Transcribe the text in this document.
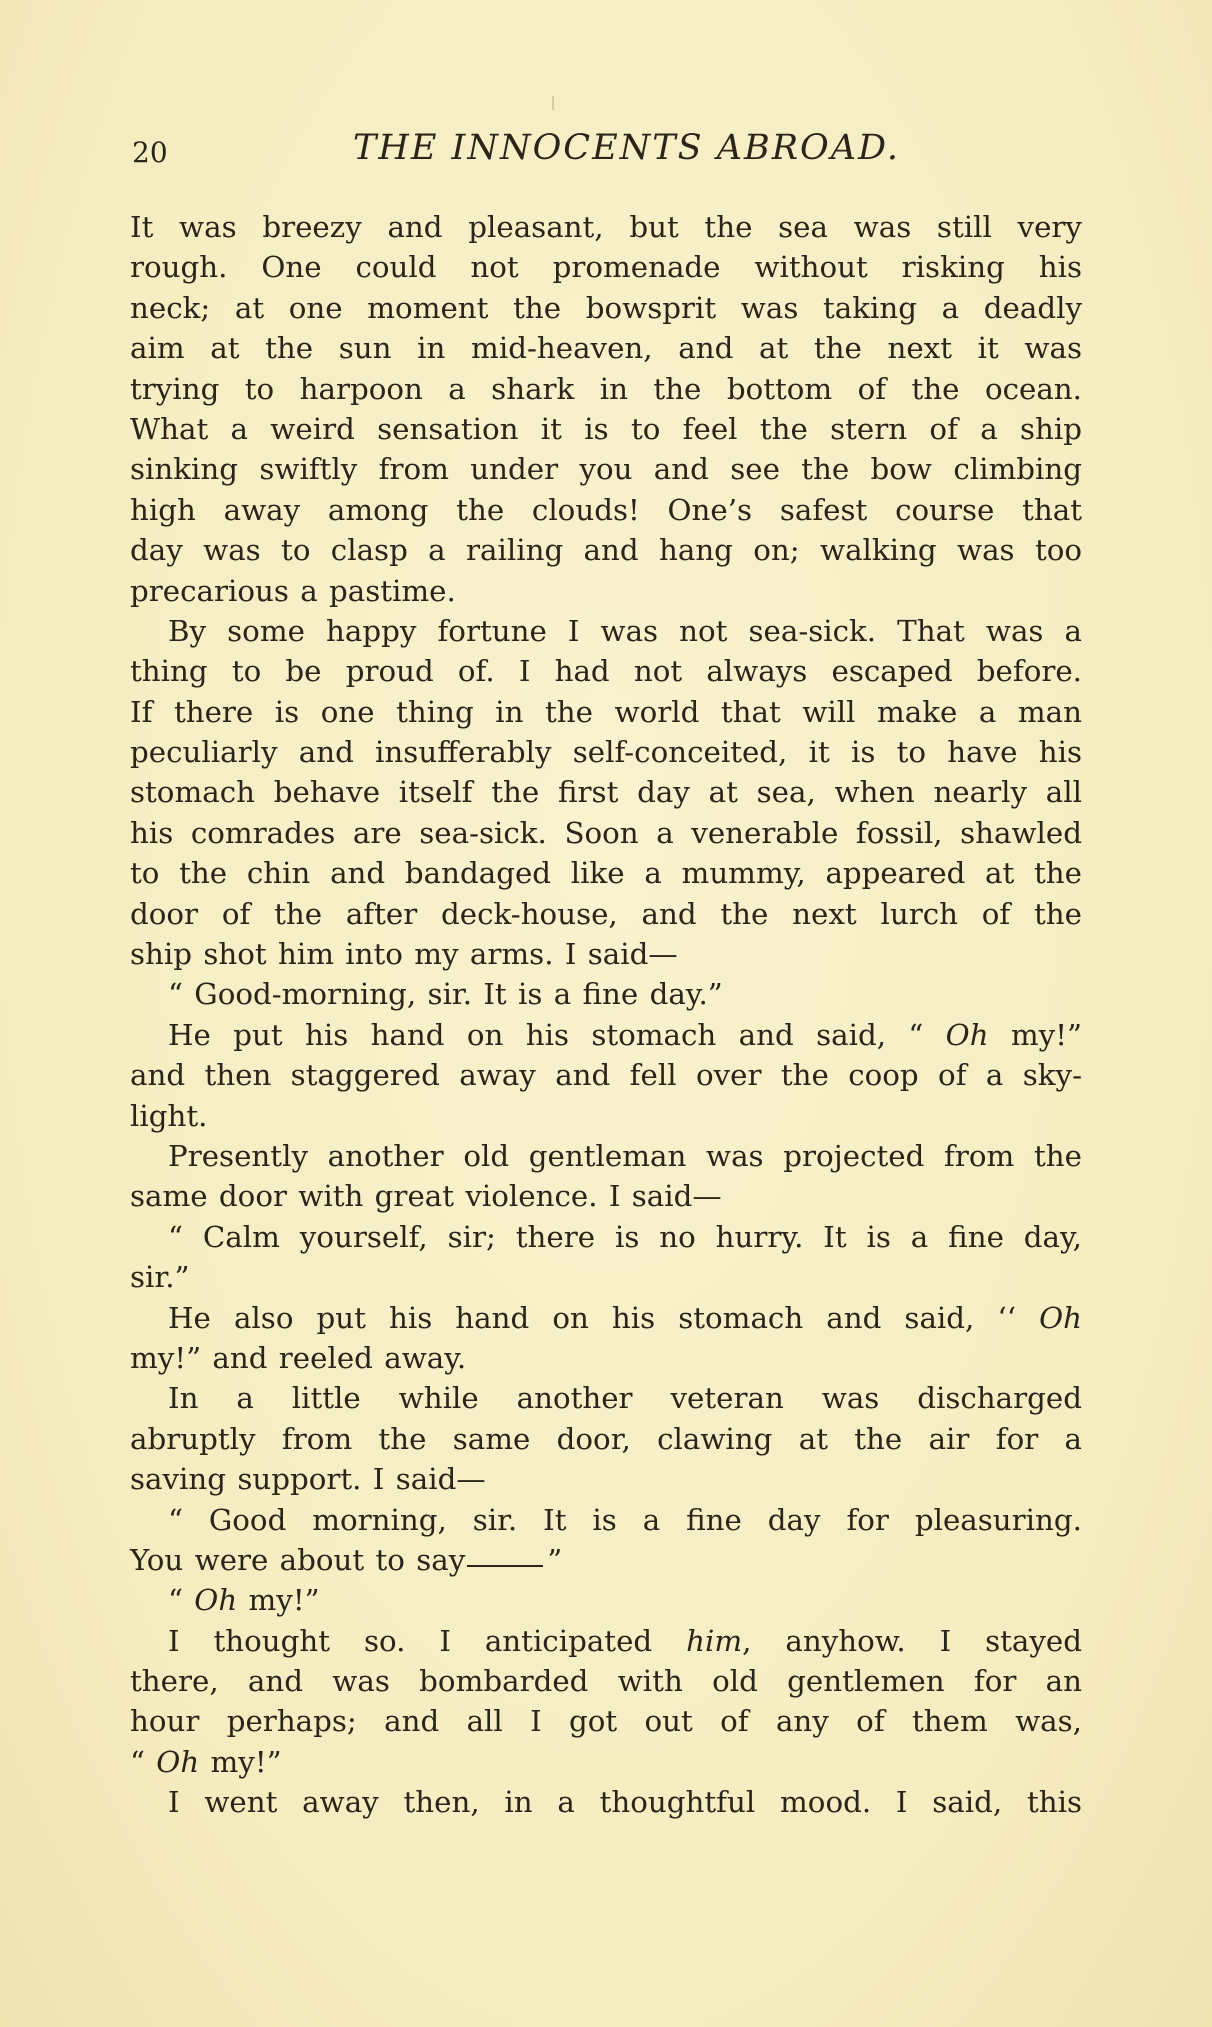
20	THE INNOCENTS ABROAD.
It was breezy and pleasant, but the sea was still very
rough. One could not promenade without risking his
neck; at one moment the bowsprit was taking a deadly
aim at the sun in mid-heaven, and at the next it was
trying to harpoon a shark in the bottom of the ocean.
What a weird sensation it is to feel the stern of a ship
sinking swiftly from under you and see the bow climbing
high away among the clouds! One’s safest course that
day was to clasp a railing and hang on; walking was too
precarious a pastime.
By some happy fortune I was not sea-sick. That was a
thing to be proud of. I had not always escaped before.
If there is one thing in the world that will make a man
peculiarly and insufferably self-conceited, it is to have his
stomach behave itself the first day at sea, when nearly all
his comrades are sea-sick. Soon a venerable fossil, shawled
to the chin and bandaged like a mummy, appeared at the
door of the after deck-house, and the next lurch of the
ship shot him into my arms. I said—
“ Good-morning, sir. It is a fine day.”
He put his hand on his stomach and said, “ Oh my!”
and then staggered away and fell over the coop of a sky-
light.
Presently another old gentleman was projected from the
same door with great violence. I said—
“ Calm yourself, sir; there is no hurry. It is a fine day,
sir.”
He also put his hand on his stomach and said, ‘‘ Oh
my!” and reeled away.
In a little while another veteran was discharged
abruptly from the same door, clawing at the air for a
saving support. I said—
“ Good morning, sir. It is a fine day for pleasuring.
You were about to say	”
“ Oh my!”
I thought so. I anticipated him, anyhow. I stayed
there, and was bombarded with old gentlemen for an
hour perhaps; and all I got out of any of them was,
“ Oh my!”
I went away then, in a thoughtful mood. I said, this
